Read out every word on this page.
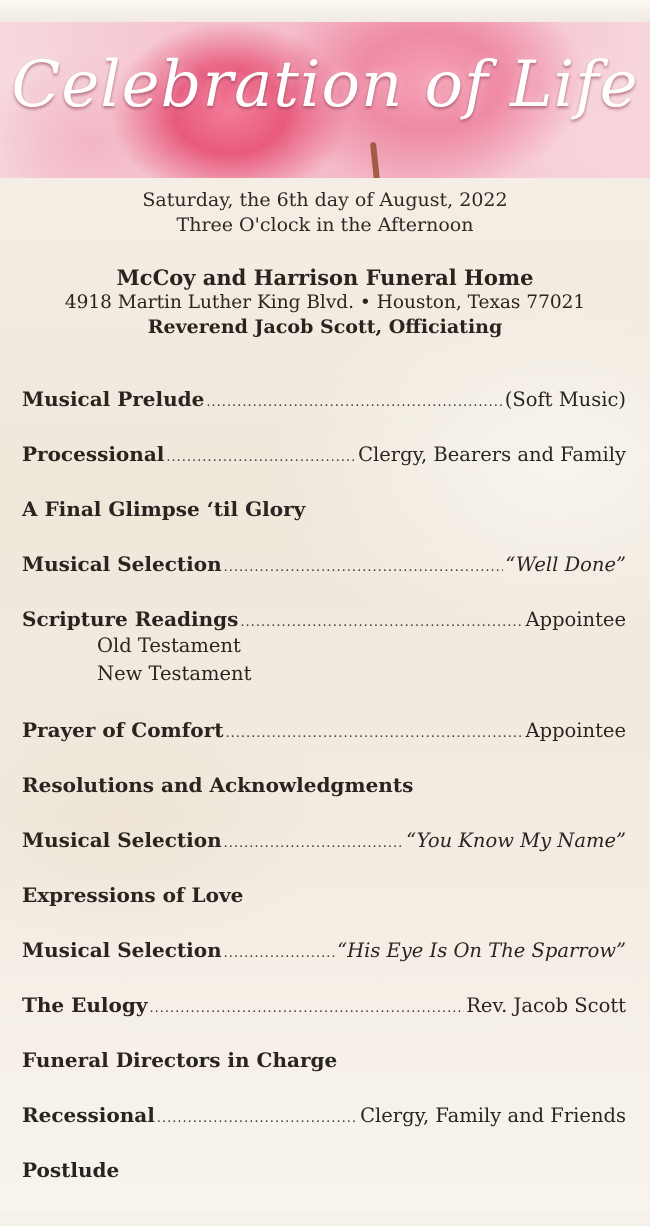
Celebration of Life
Saturday, the 6th day of August, 2022
Three O'clock in the Afternoon
McCoy and Harrison Funeral Home
4918 Martin Luther King Blvd. • Houston, Texas 77021
Reverend Jacob Scott, Officiating
Musical Prelude .....	(Soft Music)
Processional .....	Clergy, Bearers and Family
A Final Glimpse ‘til Glory
Musical Selection .....	“Well Done”
Scripture Readings .....	Appointee
Old Testament
New Testament
Prayer of Comfort .....	Appointee
Resolutions and Acknowledgments
Musical Selection .....	“You Know My Name”
Expressions of Love
Musical Selection .....	“His Eye Is On The Sparrow”
The Eulogy .....	Rev. Jacob Scott
Funeral Directors in Charge
Recessional .....	Clergy, Family and Friends
Postlude
